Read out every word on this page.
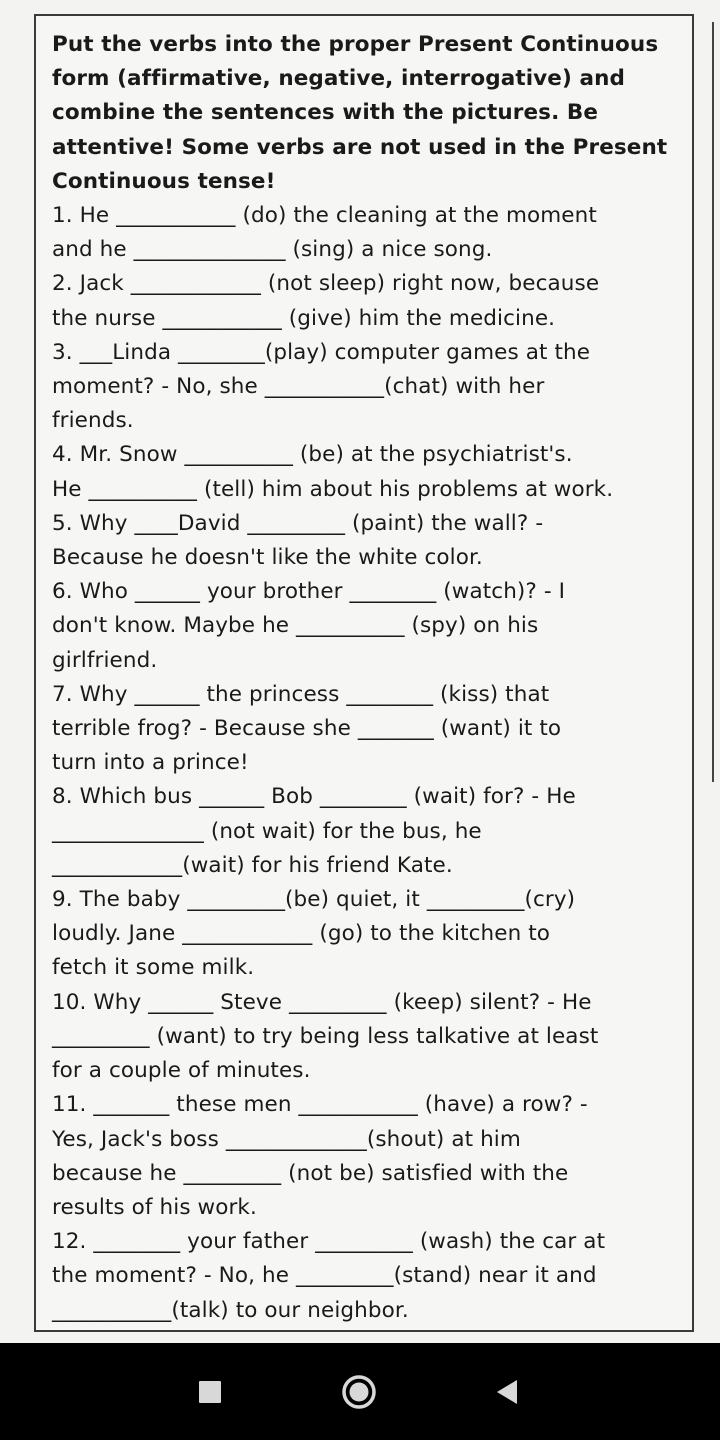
Put the verbs into the proper Present Continuous
form (affirmative, negative, interrogative) and
combine the sentences with the pictures. Be
attentive! Some verbs are not used in the Present
Continuous tense!
1. He ___________ (do) the cleaning at the moment
and he ______________ (sing) a nice song.
2. Jack ____________ (not sleep) right now, because
the nurse ___________ (give) him the medicine.
3. ___Linda ________(play) computer games at the
moment? - No, she ___________(chat) with her
friends.
4. Mr. Snow __________ (be) at the psychiatrist's.
He __________ (tell) him about his problems at work.
5. Why ____David _________ (paint) the wall? -
Because he doesn't like the white color.
6. Who ______ your brother ________ (watch)? - I
don't know. Maybe he __________ (spy) on his
girlfriend.
7. Why ______ the princess ________ (kiss) that
terrible frog? - Because she _______ (want) it to
turn into a prince!
8. Which bus ______ Bob ________ (wait) for? - He
______________ (not wait) for the bus, he
____________(wait) for his friend Kate.
9. The baby _________(be) quiet, it _________(cry)
loudly. Jane ____________ (go) to the kitchen to
fetch it some milk.
10. Why ______ Steve _________ (keep) silent? - He
_________ (want) to try being less talkative at least
for a couple of minutes.
11. _______ these men ___________ (have) a row? -
Yes, Jack's boss _____________(shout) at him
because he _________ (not be) satisfied with the
results of his work.
12. ________ your father _________ (wash) the car at
the moment? - No, he _________(stand) near it and
___________(talk) to our neighbor.
